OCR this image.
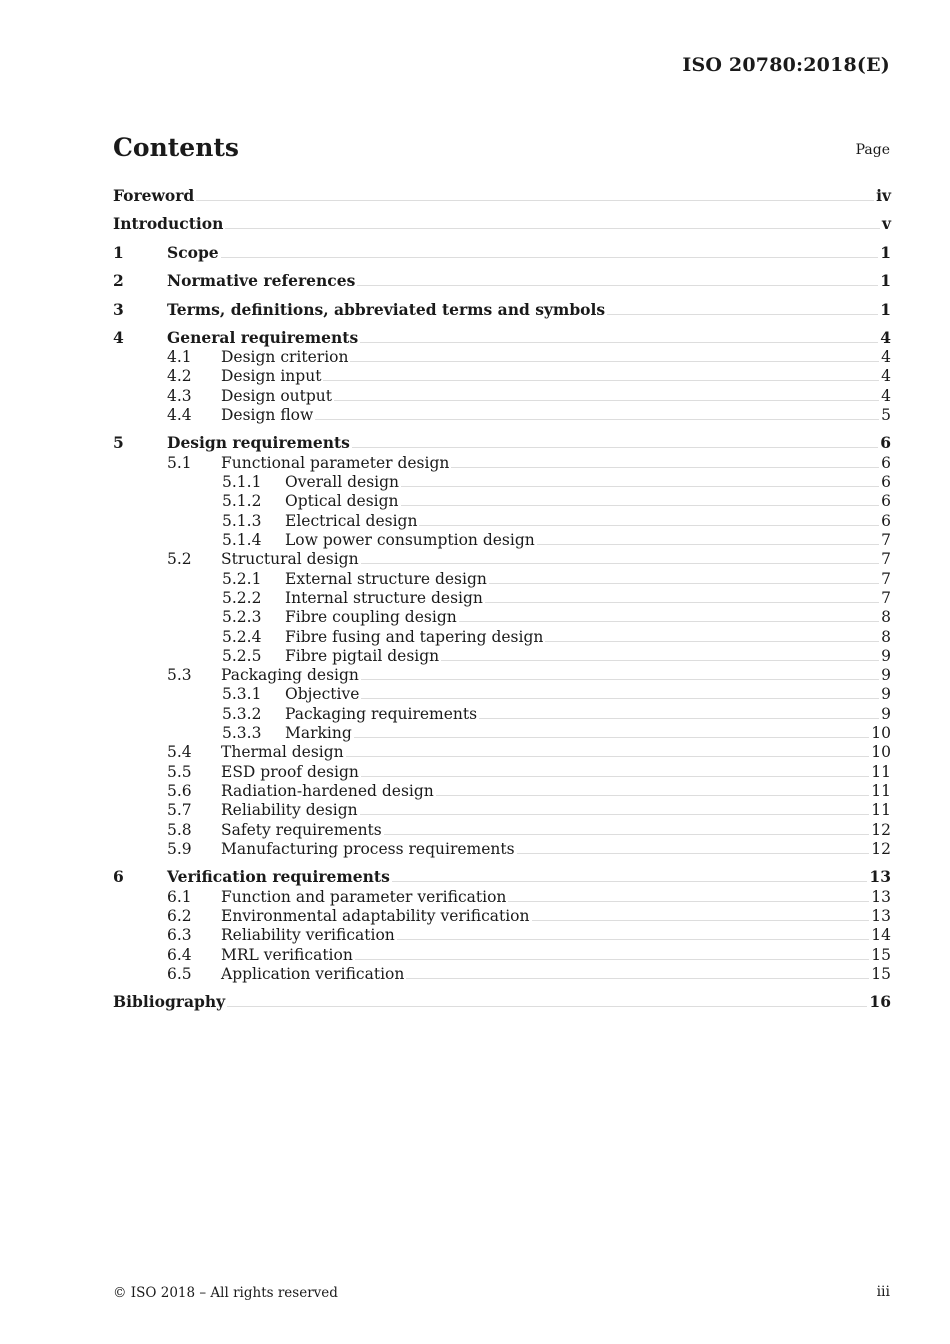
ISO 20780:2018(E)
Contents	Page
Foreword	iv
Introduction	v
1	Scope	1
2	Normative references	1
3	Terms, definitions, abbreviated terms and symbols	1
4	General requirements	4
4.1	Design criterion	4
4.2	Design input	4
4.3	Design output	4
4.4	Design flow	5
5	Design requirements	6
5.1	Functional parameter design	6
5.1.1	Overall design	6
5.1.2	Optical design	6
5.1.3	Electrical design	6
5.1.4	Low power consumption design	7
5.2	Structural design	7
5.2.1	External structure design	7
5.2.2	Internal structure design	7
5.2.3	Fibre coupling design	8
5.2.4	Fibre fusing and tapering design	8
5.2.5	Fibre pigtail design	9
5.3	Packaging design	9
5.3.1	Objective	9
5.3.2	Packaging requirements	9
5.3.3	Marking	10
5.4	Thermal design	10
5.5	ESD proof design	11
5.6	Radiation-hardened design	11
5.7	Reliability design	11
5.8	Safety requirements	12
5.9	Manufacturing process requirements	12
6	Verification requirements	13
6.1	Function and parameter verification	13
6.2	Environmental adaptability verification	13
6.3	Reliability verification	14
6.4	MRL verification	15
6.5	Application verification	15
Bibliography	16
© ISO 2018 – All rights reserved	iii
